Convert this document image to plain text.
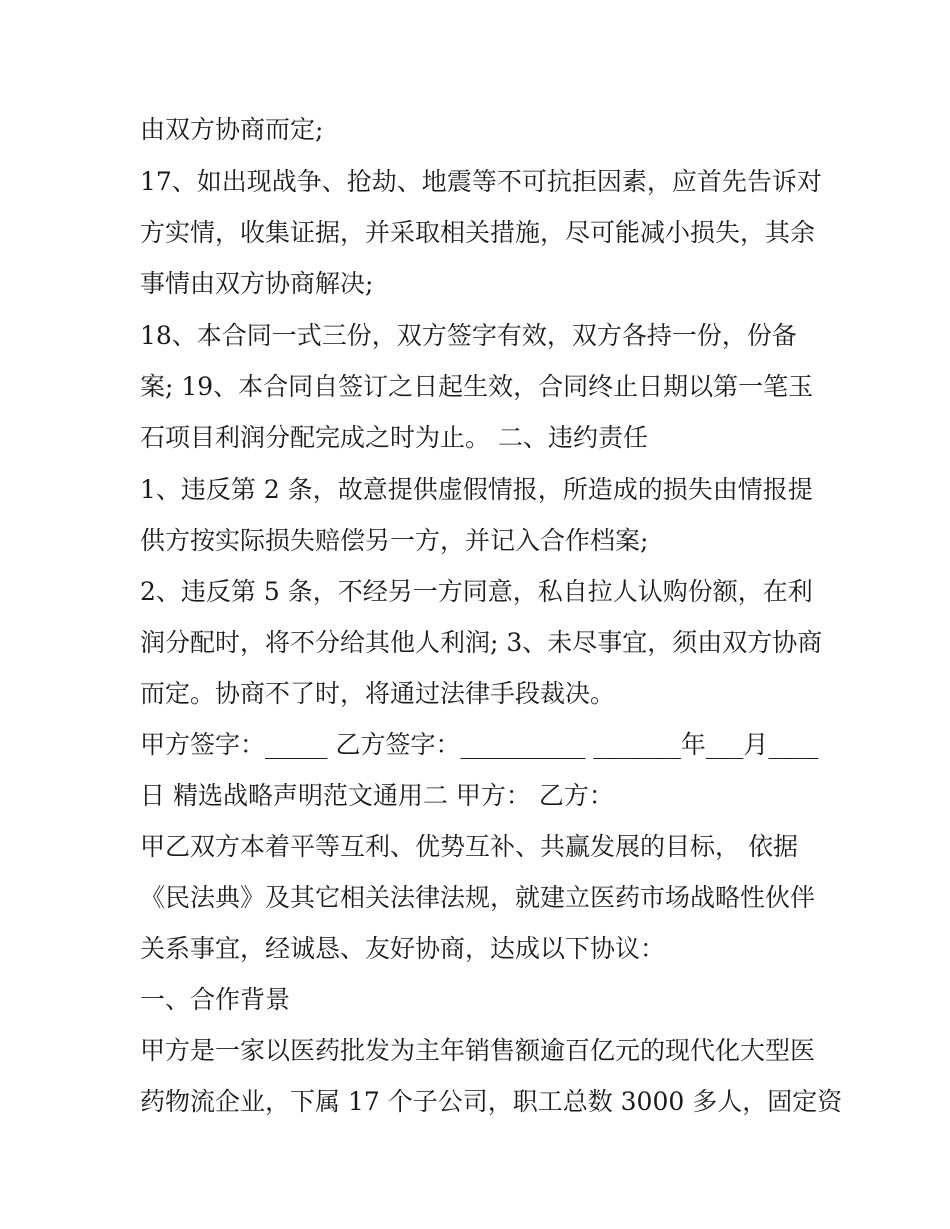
由双方协商而定;
17、如出现战争、抢劫、地震等不可抗拒因素，应首先告诉对
方实情，收集证据，并采取相关措施，尽可能减小损失，其余
事情由双方协商解决;
18、本合同一式三份，双方签字有效，双方各持一份，份备
案; 19、本合同自签订之日起生效，合同终止日期以第一笔玉
石项目利润分配完成之时为止。 二、违约责任
1、违反第 2 条，故意提供虚假情报，所造成的损失由情报提
供方按实际损失赔偿另一方，并记入合作档案;
2、违反第 5 条，不经另一方同意，私自拉人认购份额，在利
润分配时，将不分给其他人利润; 3、未尽事宜，须由双方协商
而定。协商不了时，将通过法律手段裁决。
甲方签字：_____ 乙方签字：__________ _______年___月____
日 精选战略声明范文通用二 甲方： 乙方：
甲乙双方本着平等互利、优势互补、共赢发展的目标， 依据
《民法典》及其它相关法律法规，就建立医药市场战略性伙伴
关系事宜，经诚恳、友好协商，达成以下协议：
一、合作背景
甲方是一家以医药批发为主年销售额逾百亿元的现代化大型医
药物流企业，下属 17 个子公司，职工总数 3000 多人，固定资
